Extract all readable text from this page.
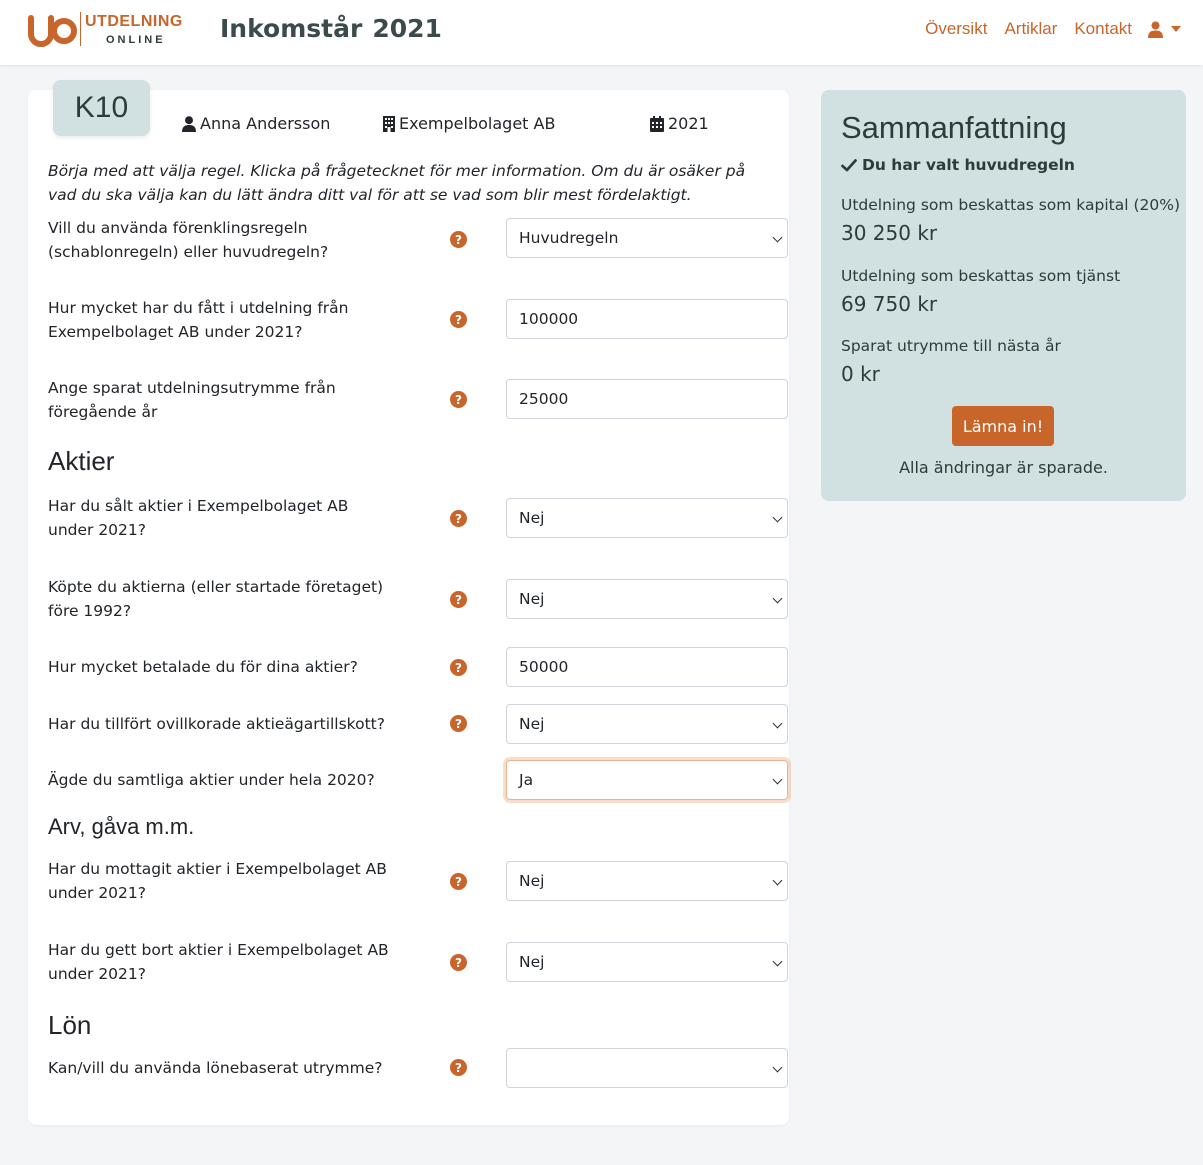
UTDELNING
ONLINE Inkomstår 2021	Översikt Artiklar Kontakt
K10	Anna Andersson	Exempelbolaget AB	2021
Börja med att välja regel. Klicka på frågetecknet för mer information. Om du är osäker på vad du ska välja kan du lätt ändra ditt val för att se vad som blir mest fördelaktigt.
Vill du använda förenklingsregeln (schablonregeln) eller huvudregeln?
?	Huvudregeln
Hur mycket har du fått i utdelning från Exempelbolaget AB under 2021?
?	100000
Ange sparat utdelningsutrymme från föregående år
?	25000
Aktier
Har du sålt aktier i Exempelbolaget AB under 2021?
?	Nej
Köpte du aktierna (eller startade företaget) före 1992?
?	Nej
Hur mycket betalade du för dina aktier?	?	50000
Har du tillfört ovillkorade aktieägartillskott?	?	Nej
Ägde du samtliga aktier under hela 2020?	Ja
Arv, gåva m.m.
Har du mottagit aktier i Exempelbolaget AB under 2021?
?	Nej
Har du gett bort aktier i Exempelbolaget AB under 2021?
?	Nej
Lön
Kan/vill du använda lönebaserat utrymme?	?
Sammanfattning
Du har valt huvudregeln
Utdelning som beskattas som kapital (20%)
30 250 kr
Utdelning som beskattas som tjänst
69 750 kr
Sparat utrymme till nästa år
0 kr
Lämna in!
Alla ändringar är sparade.
